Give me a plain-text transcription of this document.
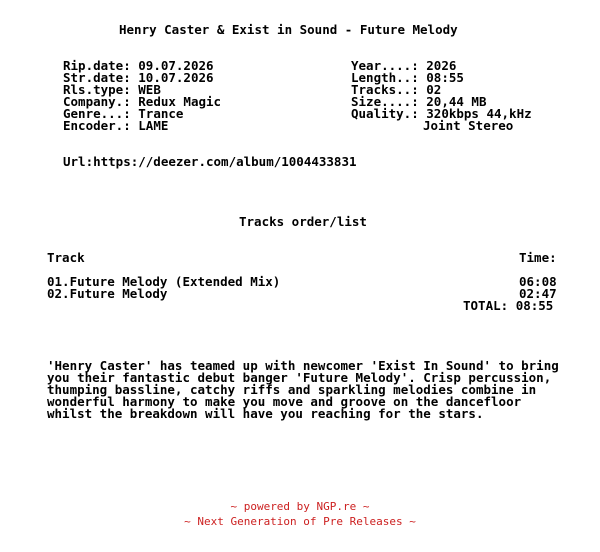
Henry Caster & Exist in Sound - Future Melody

Rip.date: 09.07.2026

Str.date: 10.07.2026

Rls.type: WEB

Company.: Redux Magic

Genre...: Trance

Encoder.: LAME

Year....: 2026

Length..: 08:55

Tracks..: 02

Size....: 20,44 MB

Quality.: 320kbps 44,kHz

Joint Stereo

Url:https://deezer.com/album/1004433831

Tracks order/list

Track

	Time:

01.Future Melody (Extended Mix)

	06:08

02.Future Melody

	02:47

TOTAL: 08:55

'Henry Caster' has teamed up with newcomer 'Exist In Sound' to bring

you their fantastic debut banger 'Future Melody'. Crisp percussion,

thumping bassline, catchy riffs and sparkling melodies combine in

wonderful harmony to make you move and groove on the dancefloor

whilst the breakdown will have you reaching for the stars.

~ powered by NGP.re ~
~ Next Generation of Pre Releases ~
